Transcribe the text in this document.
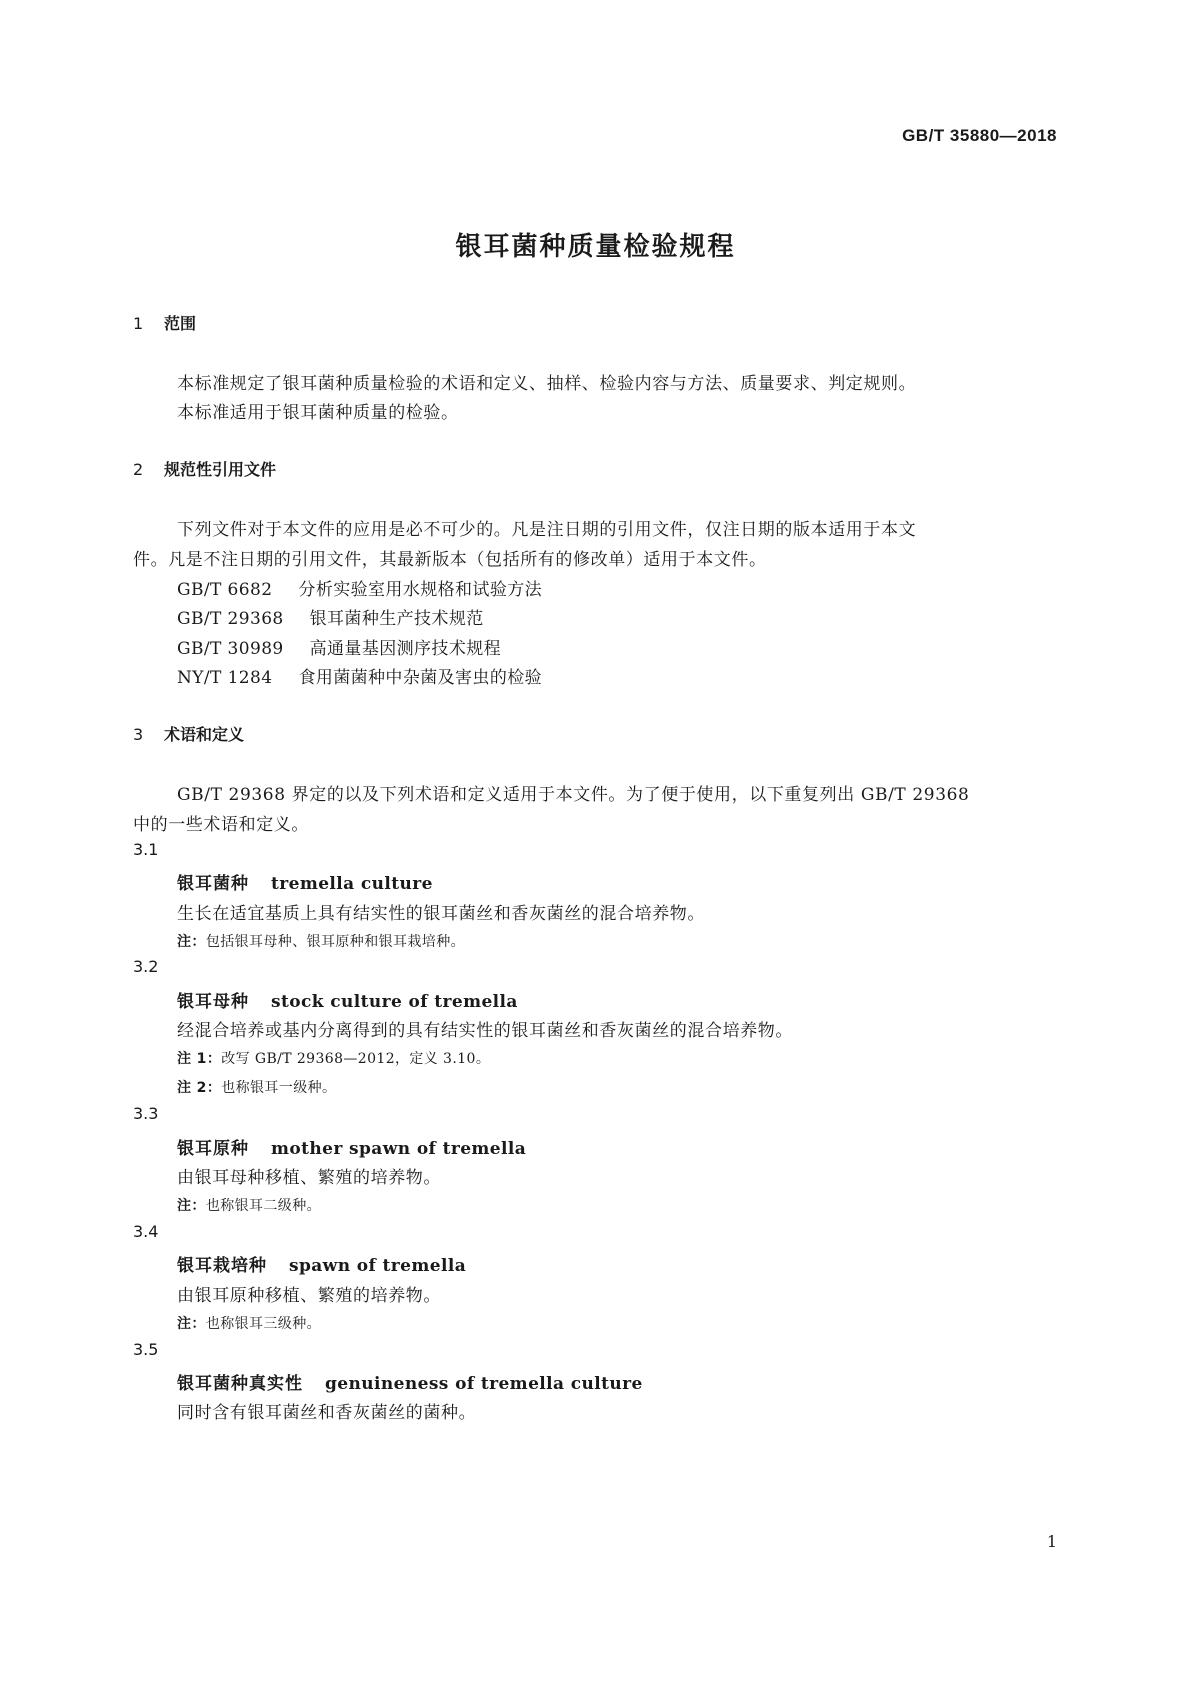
GB/T 35880—2018
银耳菌种质量检验规程
1 范围
本标准规定了银耳菌种质量检验的术语和定义、抽样、检验内容与方法、质量要求、判定规则。
本标准适用于银耳菌种质量的检验。
2 规范性引用文件
下列文件对于本文件的应用是必不可少的。凡是注日期的引用文件，仅注日期的版本适用于本文
件。凡是不注日期的引用文件，其最新版本（包括所有的修改单）适用于本文件。
GB/T 6682 分析实验室用水规格和试验方法
GB/T 29368 银耳菌种生产技术规范
GB/T 30989 高通量基因测序技术规程
NY/T 1284 食用菌菌种中杂菌及害虫的检验
3 术语和定义
GB/T 29368 界定的以及下列术语和定义适用于本文件。为了便于使用，以下重复列出 GB/T 29368
中的一些术语和定义。
3.1
银耳菌种 tremella culture
生长在适宜基质上具有结实性的银耳菌丝和香灰菌丝的混合培养物。
注：包括银耳母种、银耳原种和银耳栽培种。
3.2
银耳母种 stock culture of tremella
经混合培养或基内分离得到的具有结实性的银耳菌丝和香灰菌丝的混合培养物。
注 1：改写 GB/T 29368—2012，定义 3.10。
注 2：也称银耳一级种。
3.3
银耳原种 mother spawn of tremella
由银耳母种移植、繁殖的培养物。
注：也称银耳二级种。
3.4
银耳栽培种 spawn of tremella
由银耳原种移植、繁殖的培养物。
注：也称银耳三级种。
3.5
银耳菌种真实性 genuineness of tremella culture
同时含有银耳菌丝和香灰菌丝的菌种。
1
